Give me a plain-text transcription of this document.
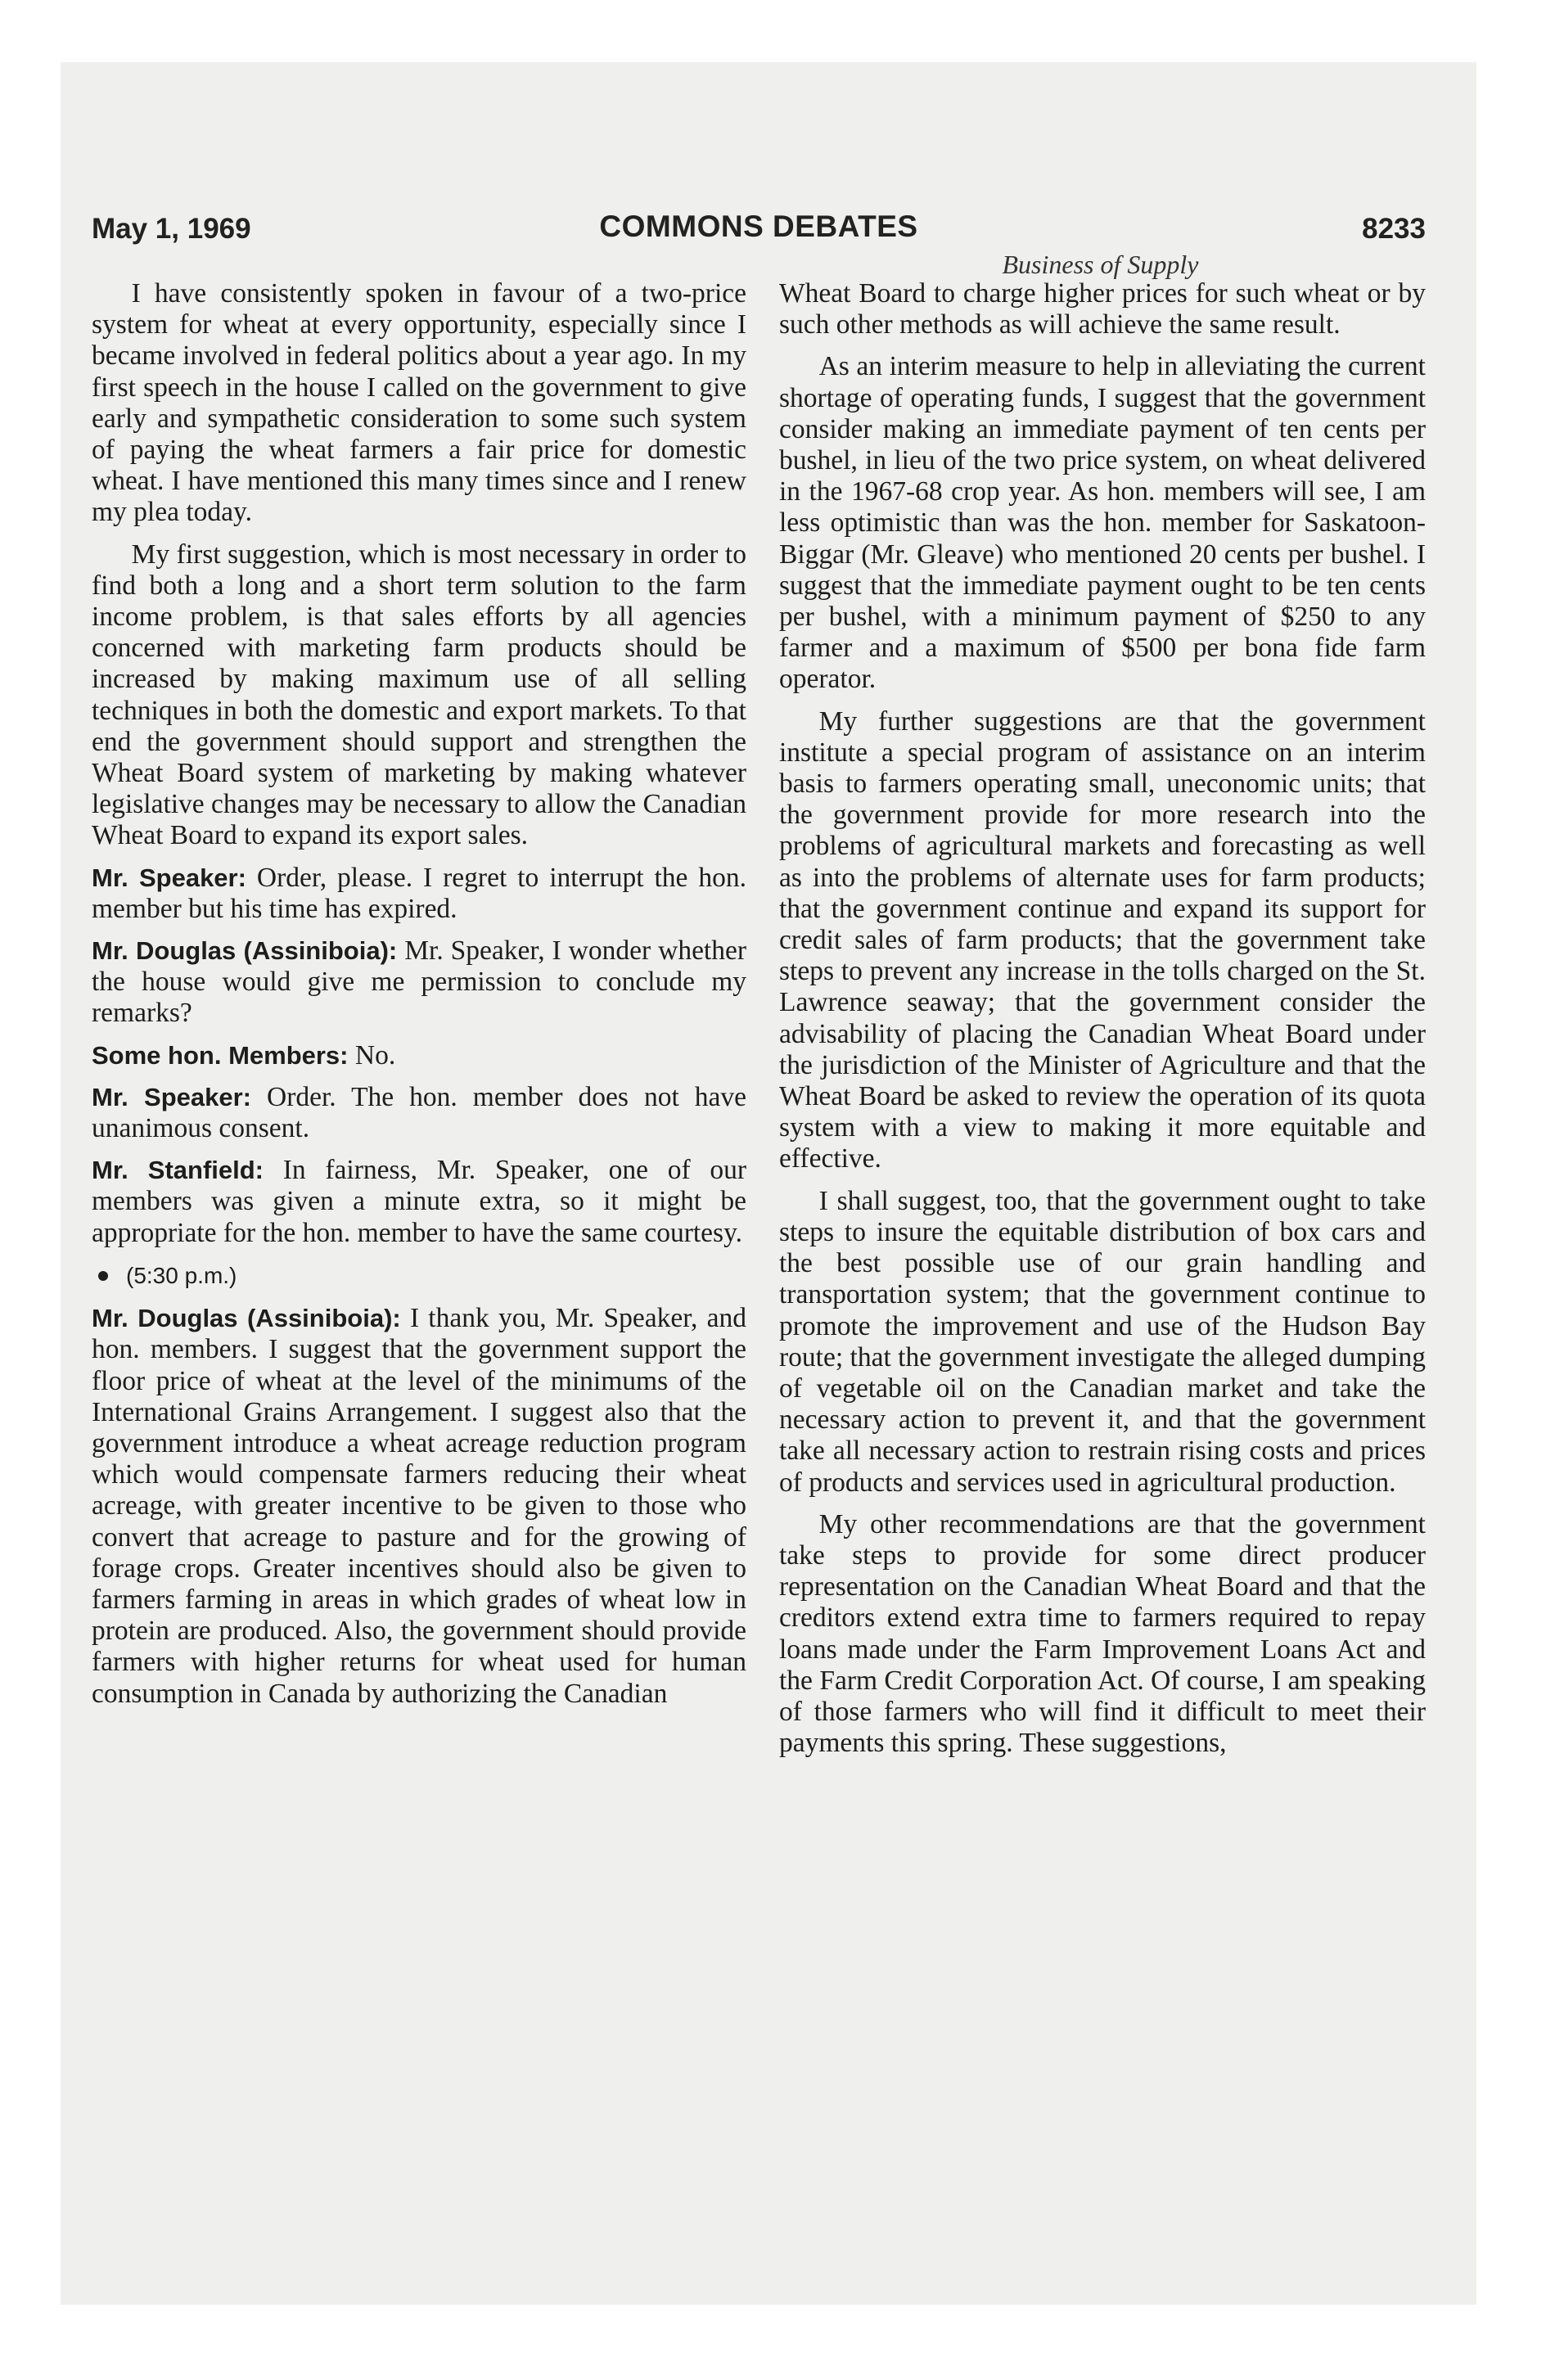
May 1, 1969	COMMONS DEBATES	8233
Business of Supply

I have consistently spoken in favour of a two-price system for wheat at every opportunity, especially since I became involved in federal politics about a year ago. In my first speech in the house I called on the government to give early and sympathetic consideration to some such system of paying the wheat farmers a fair price for domestic wheat. I have mentioned this many times since and I renew my plea today.

My first suggestion, which is most necessary in order to find both a long and a short term solution to the farm income problem, is that sales efforts by all agencies concerned with marketing farm products should be increased by making maximum use of all selling techniques in both the domestic and export markets. To that end the government should support and strengthen the Wheat Board system of marketing by making whatever legislative changes may be necessary to allow the Canadian Wheat Board to expand its export sales.

Mr. Speaker: Order, please. I regret to interrupt the hon. member but his time has expired.

Mr. Douglas (Assiniboia): Mr. Speaker, I wonder whether the house would give me permission to conclude my remarks?

Some hon. Members: No.

Mr. Speaker: Order. The hon. member does not have unanimous consent.

Mr. Stanfield: In fairness, Mr. Speaker, one of our members was given a minute extra, so it might be appropriate for the hon. member to have the same courtesy.

(5:30 p.m.)

Mr. Douglas (Assiniboia): I thank you, Mr. Speaker, and hon. members. I suggest that the government support the floor price of wheat at the level of the minimums of the International Grains Arrangement. I suggest also that the government introduce a wheat acreage reduction program which would compensate farmers reducing their wheat acreage, with greater incentive to be given to those who convert that acreage to pasture and for the growing of forage crops. Greater incentives should also be given to farmers farming in areas in which grades of wheat low in protein are produced. Also, the government should provide farmers with higher returns for wheat used for human consumption in Canada by authorizing the Canadian

Wheat Board to charge higher prices for such wheat or by such other methods as will achieve the same result.

As an interim measure to help in alleviating the current shortage of operating funds, I suggest that the government consider making an immediate payment of ten cents per bushel, in lieu of the two price system, on wheat delivered in the 1967-68 crop year. As hon. members will see, I am less optimistic than was the hon. member for Saskatoon-Biggar (Mr. Gleave) who mentioned 20 cents per bushel. I suggest that the immediate payment ought to be ten cents per bushel, with a minimum payment of $250 to any farmer and a maximum of $500 per bona fide farm operator.

My further suggestions are that the government institute a special program of assistance on an interim basis to farmers operating small, uneconomic units; that the government provide for more research into the problems of agricultural markets and forecasting as well as into the problems of alternate uses for farm products; that the government continue and expand its support for credit sales of farm products; that the government take steps to prevent any increase in the tolls charged on the St. Lawrence seaway; that the government consider the advisability of placing the Canadian Wheat Board under the jurisdiction of the Minister of Agriculture and that the Wheat Board be asked to review the operation of its quota system with a view to making it more equitable and effective.

I shall suggest, too, that the government ought to take steps to insure the equitable distribution of box cars and the best possible use of our grain handling and transportation system; that the government continue to promote the improvement and use of the Hudson Bay route; that the government investigate the alleged dumping of vegetable oil on the Canadian market and take the necessary action to prevent it, and that the government take all necessary action to restrain rising costs and prices of products and services used in agricultural production.

My other recommendations are that the government take steps to provide for some direct producer representation on the Canadian Wheat Board and that the creditors extend extra time to farmers required to repay loans made under the Farm Improvement Loans Act and the Farm Credit Corporation Act. Of course, I am speaking of those farmers who will find it difficult to meet their payments this spring. These suggestions,
